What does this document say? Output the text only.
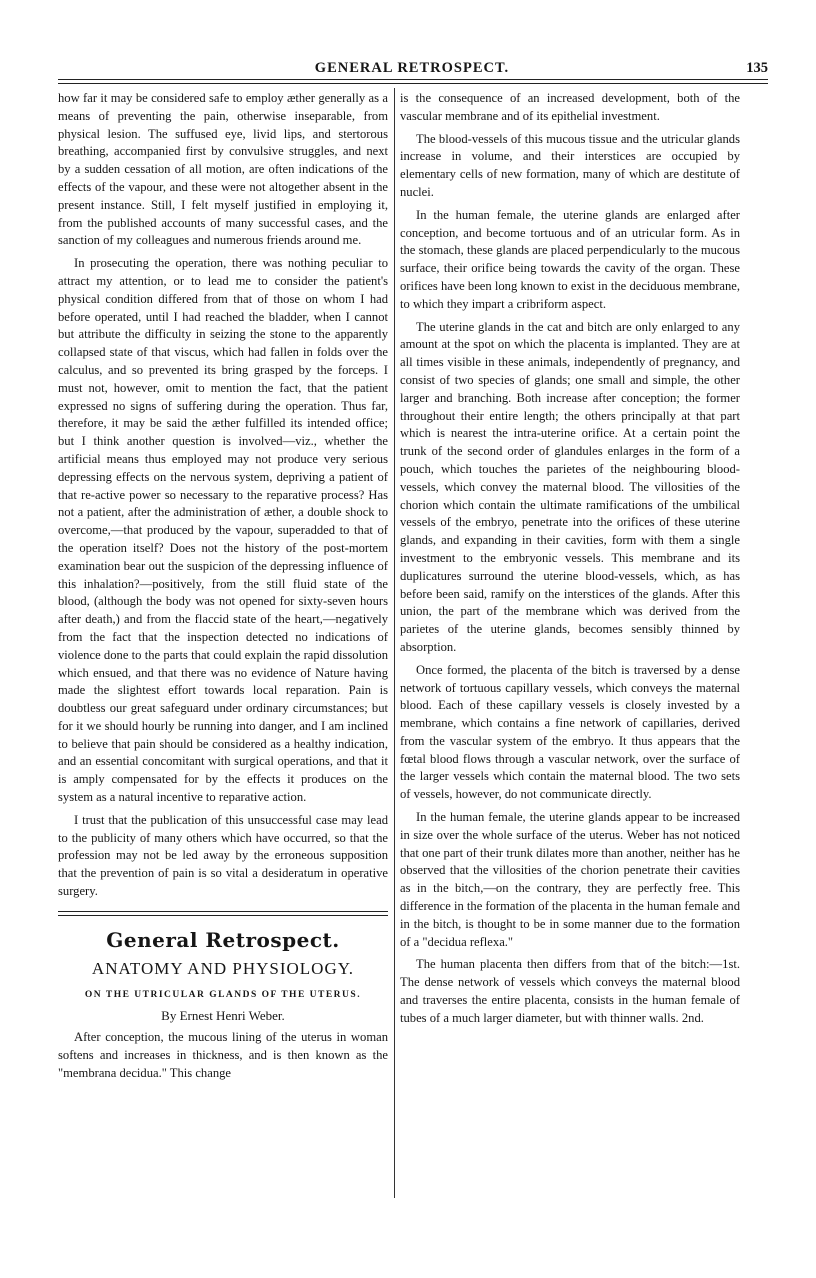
GENERAL RETROSPECT.	135

how far it may be considered safe to employ æther generally as a means of preventing the pain, otherwise inseparable, from physical lesion. The suffused eye, livid lips, and stertorous breathing, accompanied first by convulsive struggles, and next by a sudden cessation of all motion, are often indications of the effects of the vapour, and these were not altogether absent in the present instance. Still, I felt myself justified in employing it, from the published accounts of many successful cases, and the sanction of my colleagues and numerous friends around me.

In prosecuting the operation, there was nothing peculiar to attract my attention, or to lead me to consider the patient's physical condition differed from that of those on whom I had before operated, until I had reached the bladder, when I cannot but attribute the difficulty in seizing the stone to the apparently collapsed state of that viscus, which had fallen in folds over the calculus, and so prevented its bring grasped by the forceps. I must not, however, omit to mention the fact, that the patient expressed no signs of suffering during the operation. Thus far, therefore, it may be said the æther fulfilled its intended office; but I think another question is involved—viz., whether the artificial means thus employed may not produce very serious depressing effects on the nervous system, depriving a patient of that re-active power so necessary to the reparative process? Has not a patient, after the administration of æther, a double shock to overcome,—that produced by the vapour, superadded to that of the operation itself? Does not the history of the post-mortem examination bear out the suspicion of the depressing influence of this inhalation?—positively, from the still fluid state of the blood, (although the body was not opened for sixty-seven hours after death,) and from the flaccid state of the heart,—negatively from the fact that the inspection detected no indications of violence done to the parts that could explain the rapid dissolution which ensued, and that there was no evidence of Nature having made the slightest effort towards local reparation. Pain is doubtless our great safeguard under ordinary circumstances; but for it we should hourly be running into danger, and I am inclined to believe that pain should be considered as a healthy indication, and an essential concomitant with surgical operations, and that it is amply compensated for by the effects it produces on the system as a natural incentive to reparative action.

I trust that the publication of this unsuccessful case may lead to the publicity of many others which have occurred, so that the profession may not be led away by the erroneous supposition that the prevention of pain is so vital a desideratum in operative surgery.

General Retrospect.
ANATOMY AND PHYSIOLOGY.
ON THE UTRICULAR GLANDS OF THE UTERUS.
By Ernest Henri Weber.

After conception, the mucous lining of the uterus in woman softens and increases in thickness, and is then known as the "membrana decidua." This change

is the consequence of an increased development, both of the vascular membrane and of its epithelial investment.

The blood-vessels of this mucous tissue and the utricular glands increase in volume, and their interstices are occupied by elementary cells of new formation, many of which are destitute of nuclei.

In the human female, the uterine glands are enlarged after conception, and become tortuous and of an utricular form. As in the stomach, these glands are placed perpendicularly to the mucous surface, their orifice being towards the cavity of the organ. These orifices have been long known to exist in the deciduous membrane, to which they impart a cribriform aspect.

The uterine glands in the cat and bitch are only enlarged to any amount at the spot on which the placenta is implanted. They are at all times visible in these animals, independently of pregnancy, and consist of two species of glands; one small and simple, the other larger and branching. Both increase after conception; the former throughout their entire length; the others principally at that part which is nearest the intra-uterine orifice. At a certain point the trunk of the second order of glandules enlarges in the form of a pouch, which touches the parietes of the neighbouring blood-vessels, which convey the maternal blood. The villosities of the chorion which contain the ultimate ramifications of the umbilical vessels of the embryo, penetrate into the orifices of these uterine glands, and expanding in their cavities, form with them a single investment to the embryonic vessels. This membrane and its duplicatures surround the uterine blood-vessels, which, as has before been said, ramify on the interstices of the glands. After this union, the part of the membrane which was derived from the parietes of the uterine glands, becomes sensibly thinned by absorption.

Once formed, the placenta of the bitch is traversed by a dense network of tortuous capillary vessels, which conveys the maternal blood. Each of these capillary vessels is closely invested by a membrane, which contains a fine network of capillaries, derived from the vascular system of the embryo. It thus appears that the fœtal blood flows through a vascular network, over the surface of the larger vessels which contain the maternal blood. The two sets of vessels, however, do not communicate directly.

In the human female, the uterine glands appear to be increased in size over the whole surface of the uterus. Weber has not noticed that one part of their trunk dilates more than another, neither has he observed that the villosities of the chorion penetrate their cavities as in the bitch,—on the contrary, they are perfectly free. This difference in the formation of the placenta in the human female and in the bitch, is thought to be in some manner due to the formation of a "decidua reflexa."

The human placenta then differs from that of the bitch:—1st. The dense network of vessels which conveys the maternal blood and traverses the entire placenta, consists in the human female of tubes of a much larger diameter, but with thinner walls. 2nd.
